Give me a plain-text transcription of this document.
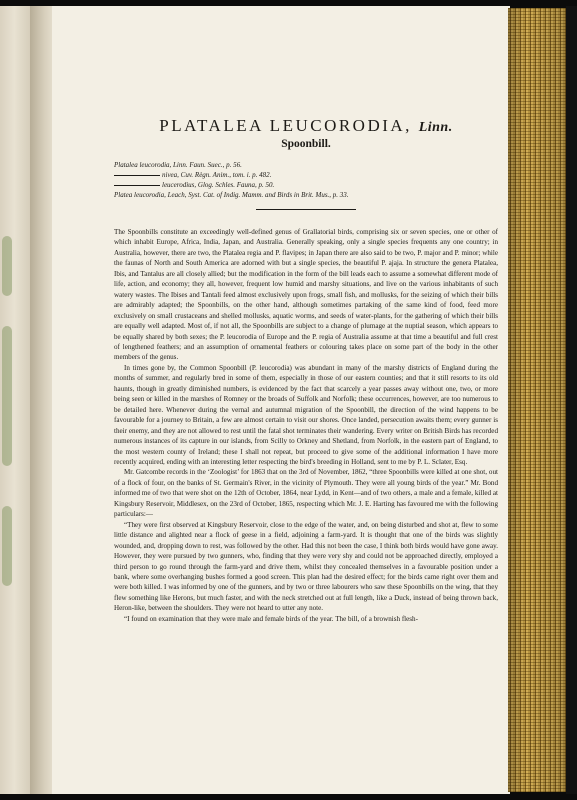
PLATALEA LEUCORODIA, Linn.
Spoonbill.
Platalea leucorodia, Linn. Faun. Suec., p. 56.
nivea, Cuv. Règn. Anim., tom. i. p. 482.
leucerodius, Glog. Schles. Fauna, p. 50.
Platea leucorodia, Leach, Syst. Cat. of Indig. Mamm. and Birds in Brit. Mus., p. 33.

The Spoonbills constitute an exceedingly well-defined genus of Grallatorial birds, comprising six or seven species, one or other of which inhabit Europe, Africa, India, Japan, and Australia. Generally speaking, only a single species frequents any one country; in Australia, however, there are two, the Platalea regia and P. flavipes; in Japan there are also said to be two, P. major and P. minor; while the faunas of North and South America are adorned with but a single species, the beautiful P. ajaja. In structure the genera Platalea, Ibis, and Tantalus are all closely allied; but the modification in the form of the bill leads each to assume a somewhat different mode of life, action, and economy; they all, however, frequent low humid and marshy situations, and live on the various inhabitants of such watery wastes. The Ibises and Tantali feed almost exclusively upon frogs, small fish, and mollusks, for the seizing of which their bills are admirably adapted; the Spoonbills, on the other hand, although sometimes partaking of the same kind of food, feed more exclusively on small crustaceans and shelled mollusks, aquatic worms, and seeds of water-plants, for the gathering of which their bills are equally well adapted. Most of, if not all, the Spoonbills are subject to a change of plumage at the nuptial season, which appears to be equally shared by both sexes; the P. leucorodia of Europe and the P. regia of Australia assume at that time a beautiful and full crest of lengthened feathers; and an assumption of ornamental feathers or colouring takes place on some part of the body in the other members of the genus.

In times gone by, the Common Spoonbill (P. leucorodia) was abundant in many of the marshy districts of England during the months of summer, and regularly bred in some of them, especially in those of our eastern counties; and that it still resorts to its old haunts, though in greatly diminished numbers, is evidenced by the fact that scarcely a year passes away without one, two, or more being seen or killed in the marshes of Romney or the broads of Suffolk and Norfolk; these occurrences, however, are too numerous to be detailed here. Whenever during the vernal and autumnal migration of the Spoonbill, the direction of the wind happens to be favourable for a journey to Britain, a few are almost certain to visit our shores. Once landed, persecution awaits them; every gunner is their enemy, and they are not allowed to rest until the fatal shot terminates their wandering. Every writer on British Birds has recorded numerous instances of its capture in our islands, from Scilly to Orkney and Shetland, from Norfolk, in the eastern part of England, to the most western county of Ireland; these I shall not repeat, but proceed to give some of the additional information I have more recently acquired, ending with an interesting letter respecting the bird's breeding in Holland, sent to me by P. L. Sclater, Esq.

Mr. Gatcombe records in the ‘Zoologist’ for 1863 that on the 3rd of November, 1862, “three Spoonbills were killed at one shot, out of a flock of four, on the banks of St. Germain's River, in the vicinity of Plymouth. They were all young birds of the year.” Mr. Bond informed me of two that were shot on the 12th of October, 1864, near Lydd, in Kent—and of two others, a male and a female, killed at Kingsbury Reservoir, Middlesex, on the 23rd of October, 1865, respecting which Mr. J. E. Harting has favoured me with the following particulars:—

“They were first observed at Kingsbury Reservoir, close to the edge of the water, and, on being disturbed and shot at, flew to some little distance and alighted near a flock of geese in a field, adjoining a farm-yard. It is thought that one of the birds was slightly wounded, and, dropping down to rest, was followed by the other. Had this not been the case, I think both birds would have gone away. However, they were pursued by two gunners, who, finding that they were very shy and could not be approached directly, employed a third person to go round through the farm-yard and drive them, whilst they concealed themselves in a favourable position under a bank, where some overhanging bushes formed a good screen. This plan had the desired effect; for the birds came right over them and were both killed. I was informed by one of the gunners, and by two or three labourers who saw these Spoonbills on the wing, that they flew something like Herons, but much faster, and with the neck stretched out at full length, like a Duck, instead of being thrown back, Heron-like, between the shoulders. They were not heard to utter any note.

“I found on examination that they were male and female birds of the year. The bill, of a brownish flesh-
